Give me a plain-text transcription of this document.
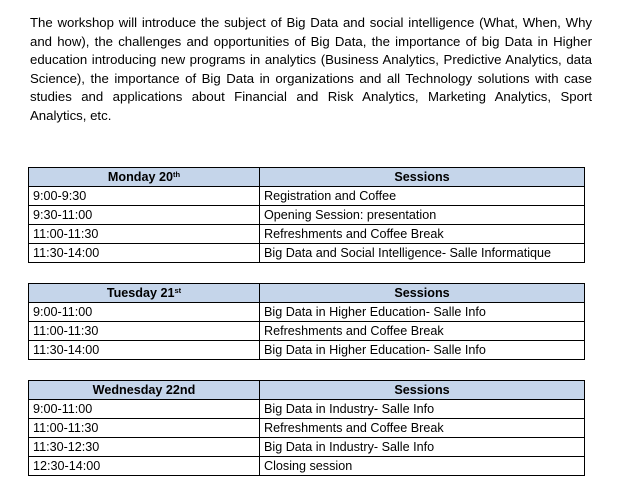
The workshop will introduce the subject of Big Data and social intelligence (What, When, Why and how), the challenges and opportunities of Big Data, the importance of big Data in Higher education introducing new programs in analytics (Business Analytics, Predictive Analytics, data Science), the importance of Big Data in organizations and all Technology solutions with case studies and applications about Financial and Risk Analytics, Marketing Analytics, Sport Analytics, etc.

Monday 20th	Sessions
9:00-9:30	Registration and Coffee
9:30-11:00	Opening Session: presentation
11:00-11:30	Refreshments and Coffee Break
11:30-14:00	Big Data and Social Intelligence- Salle Informatique
Tuesday 21st	Sessions
9:00-11:00	Big Data in Higher Education- Salle Info
11:00-11:30	Refreshments and Coffee Break
11:30-14:00	Big Data in Higher Education- Salle Info
Wednesday 22nd	Sessions
9:00-11:00	Big Data in Industry- Salle Info
11:00-11:30	Refreshments and Coffee Break
11:30-12:30	Big Data in Industry- Salle Info
12:30-14:00	Closing session
